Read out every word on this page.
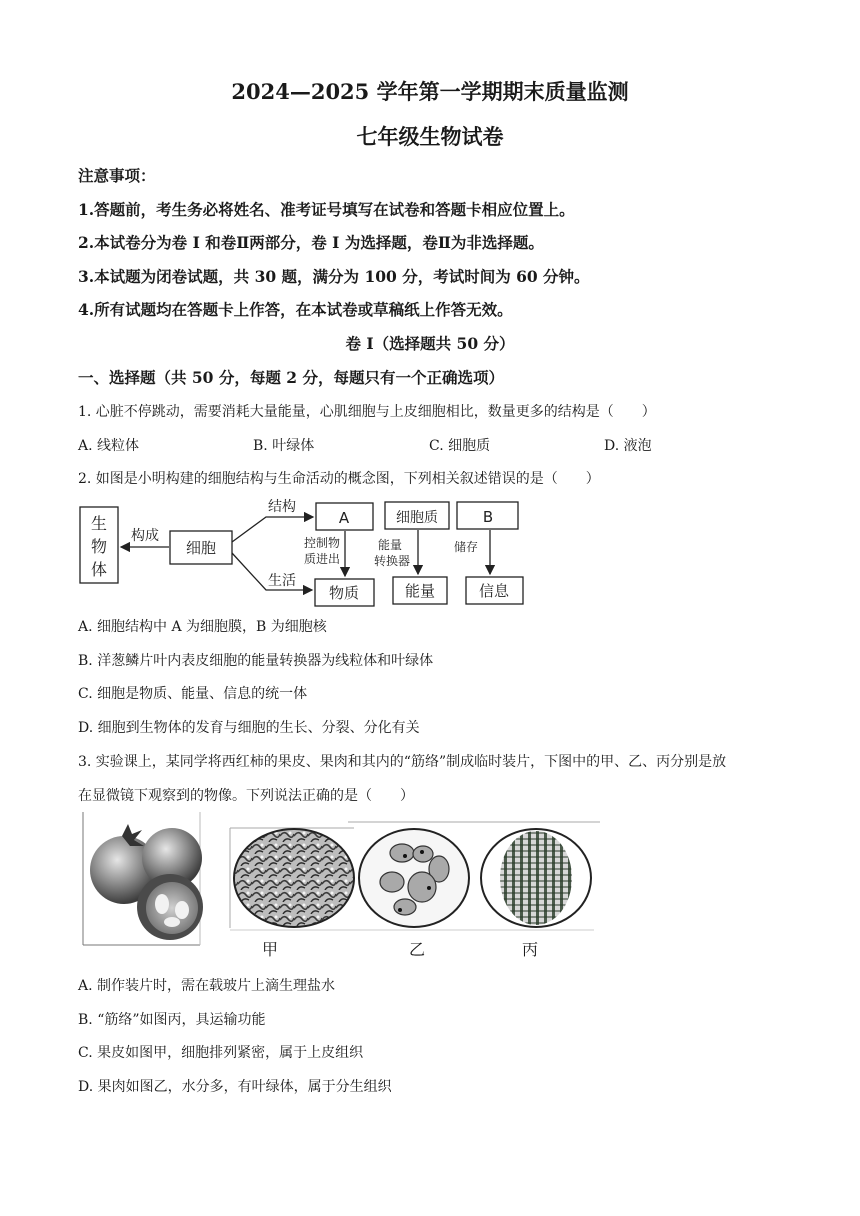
2024—2025 学年第一学期期末质量监测
七年级生物试卷
注意事项：
1.答题前，考生务必将姓名、准考证号填写在试卷和答题卡相应位置上。
2.本试卷分为卷 I 和卷Ⅱ两部分，卷 I 为选择题，卷Ⅱ为非选择题。
3.本试题为闭卷试题，共 30 题，满分为 100 分，考试时间为 60 分钟。
4.所有试题均在答题卡上作答，在本试卷或草稿纸上作答无效。
卷 I（选择题共 50 分）
一、选择题（共 50 分，每题 2 分，每题只有一个正确选项）
1. 心脏不停跳动，需要消耗大量能量，心肌细胞与上皮细胞相比，数量更多的结构是（　　）
A. 线粒体	B. 叶绿体	C. 细胞质	D. 液泡
2. 如图是小明构建的细胞结构与生命活动的概念图，下列相关叙述错误的是（　　）
生
物
体
构成
细胞
结构
生活
A	细胞质	B
控制物
质进出
能量
转换器
储存
物质	能量	信息
A. 细胞结构中 A 为细胞膜，B 为细胞核
B. 洋葱鳞片叶内表皮细胞的能量转换器为线粒体和叶绿体
C. 细胞是物质、能量、信息的统一体
D. 细胞到生物体的发育与细胞的生长、分裂、分化有关
3. 实验课上，某同学将西红柿的果皮、果肉和其内的“筋络”制成临时装片，下图中的甲、乙、丙分别是放
在显微镜下观察到的物像。下列说法正确的是（　　）
甲	乙	丙
A. 制作装片时，需在载玻片上滴生理盐水
B. “筋络”如图丙，具运输功能
C. 果皮如图甲，细胞排列紧密，属于上皮组织
D. 果肉如图乙，水分多，有叶绿体，属于分生组织
